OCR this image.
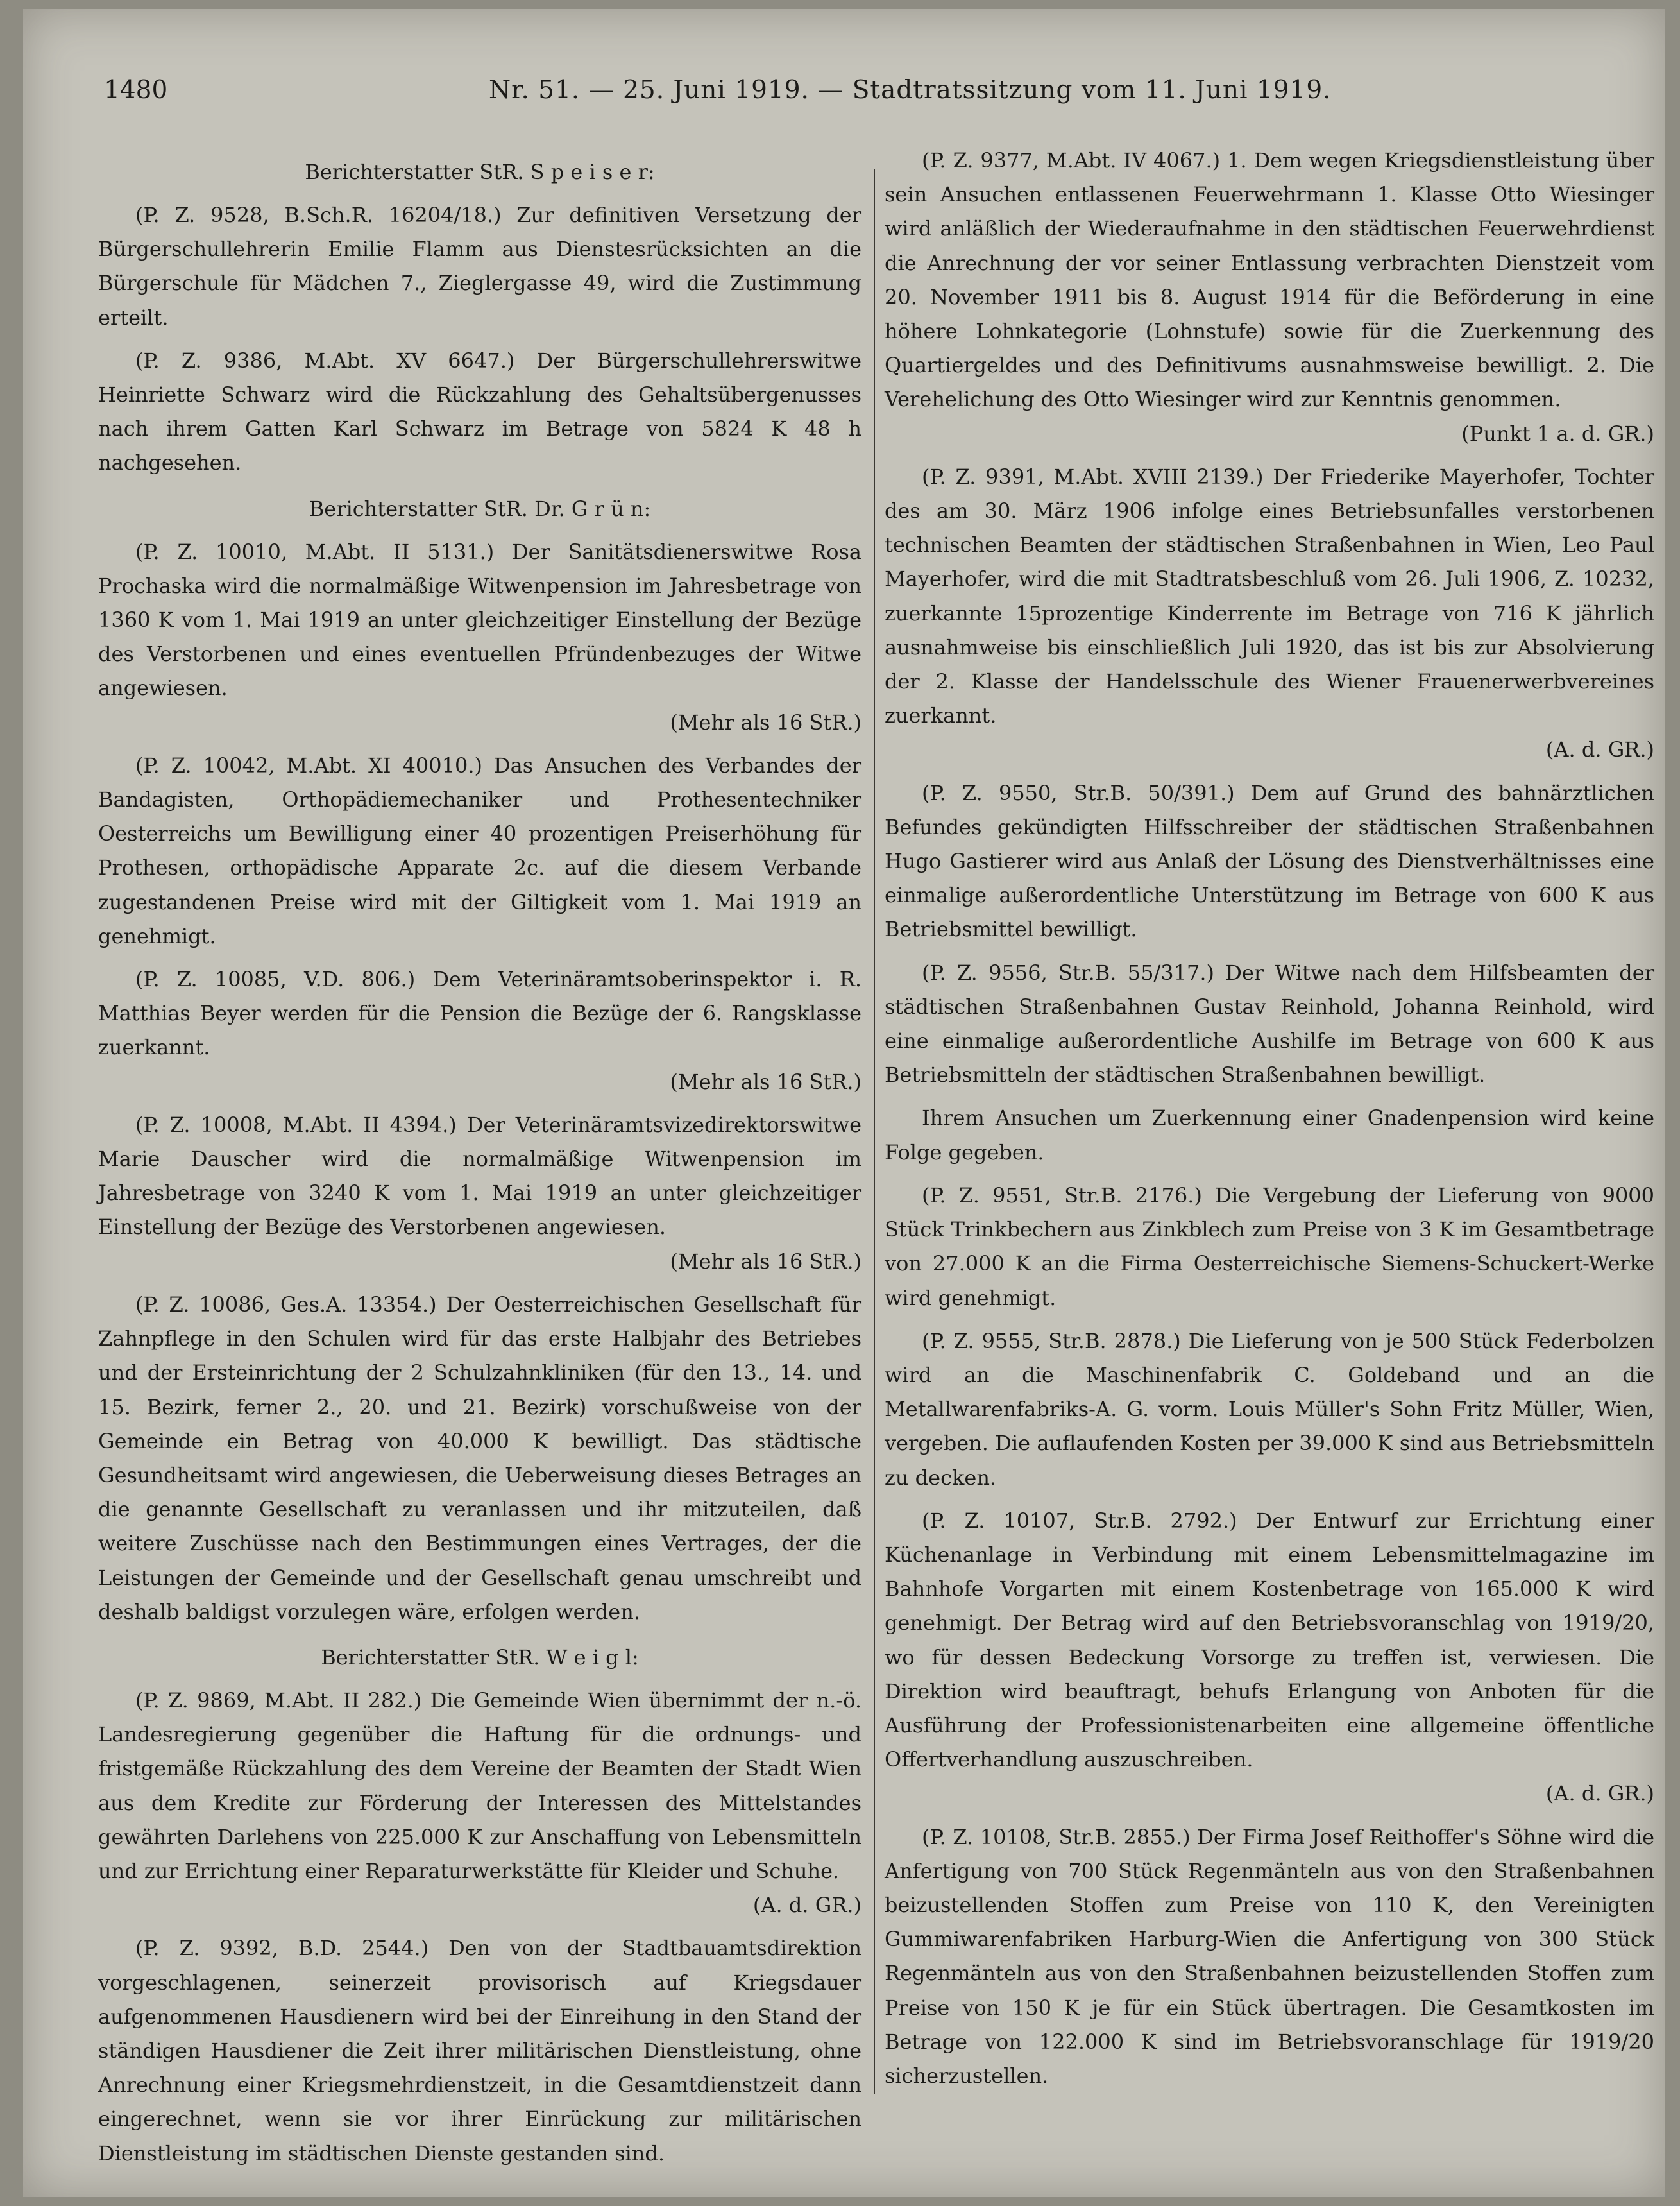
1480	Nr. 51. — 25. Juni 1919. — Stadtratssitzung vom 11. Juni 1919.
Berichterstatter StR. S p e i s e r:

(P. Z. 9528, B.Sch.R. 16204/18.) Zur definitiven Versetzung der Bürgerschullehrerin Emilie Flamm aus Dienstesrücksichten an die Bürgerschule für Mädchen 7., Zieglergasse 49, wird die Zustimmung erteilt.

(P. Z. 9386, M.Abt. XV 6647.) Der Bürgerschullehrerswitwe Heinriette Schwarz wird die Rückzahlung des Gehaltsübergenusses nach ihrem Gatten Karl Schwarz im Betrage von 5824 K 48 h nachgesehen.

Berichterstatter StR. Dr. G r ü n:

(P. Z. 10010, M.Abt. II 5131.) Der Sanitätsdienerswitwe Rosa Prochaska wird die normalmäßige Witwenpension im Jahresbetrage von 1360 K vom 1. Mai 1919 an unter gleichzeitiger Einstellung der Bezüge des Verstorbenen und eines eventuellen Pfründenbezuges der Witwe angewiesen.
(Mehr als 16 StR.)

(P. Z. 10042, M.Abt. XI 40010.) Das Ansuchen des Verbandes der Bandagisten, Orthopädiemechaniker und Prothesentechniker Oesterreichs um Bewilligung einer 40 prozentigen Preiserhöhung für Prothesen, orthopädische Apparate 2c. auf die diesem Verbande zugestandenen Preise wird mit der Giltigkeit vom 1. Mai 1919 an genehmigt.

(P. Z. 10085, V.D. 806.) Dem Veterinäramtsoberinspektor i. R. Matthias Beyer werden für die Pension die Bezüge der 6. Rangsklasse zuerkannt.
(Mehr als 16 StR.)

(P. Z. 10008, M.Abt. II 4394.) Der Veterinäramtsvizedirektorswitwe Marie Dauscher wird die normalmäßige Witwenpension im Jahresbetrage von 3240 K vom 1. Mai 1919 an unter gleichzeitiger Einstellung der Bezüge des Verstorbenen angewiesen.
(Mehr als 16 StR.)

(P. Z. 10086, Ges.A. 13354.) Der Oesterreichischen Gesellschaft für Zahnpflege in den Schulen wird für das erste Halbjahr des Betriebes und der Ersteinrichtung der 2 Schulzahnkliniken (für den 13., 14. und 15. Bezirk, ferner 2., 20. und 21. Bezirk) vorschußweise von der Gemeinde ein Betrag von 40.000 K bewilligt. Das städtische Gesundheitsamt wird angewiesen, die Ueberweisung dieses Betrages an die genannte Gesellschaft zu veranlassen und ihr mitzuteilen, daß weitere Zuschüsse nach den Bestimmungen eines Vertrages, der die Leistungen der Gemeinde und der Gesellschaft genau umschreibt und deshalb baldigst vorzulegen wäre, erfolgen werden.

Berichterstatter StR. W e i g l:

(P. Z. 9869, M.Abt. II 282.) Die Gemeinde Wien übernimmt der n.-ö. Landesregierung gegenüber die Haftung für die ordnungs- und fristgemäße Rückzahlung des dem Vereine der Beamten der Stadt Wien aus dem Kredite zur Förderung der Interessen des Mittelstandes gewährten Darlehens von 225.000 K zur Anschaffung von Lebensmitteln und zur Errichtung einer Reparaturwerkstätte für Kleider und Schuhe.
(A. d. GR.)

(P. Z. 9392, B.D. 2544.) Den von der Stadtbauamtsdirektion vorgeschlagenen, seinerzeit provisorisch auf Kriegsdauer aufgenommenen Hausdienern wird bei der Einreihung in den Stand der ständigen Hausdiener die Zeit ihrer militärischen Dienstleistung, ohne Anrechnung einer Kriegsmehrdienstzeit, in die Gesamtdienstzeit dann eingerechnet, wenn sie vor ihrer Einrückung zur militärischen Dienstleistung im städtischen Dienste gestanden sind.

(P. Z. 9377, M.Abt. IV 4067.) 1. Dem wegen Kriegsdienstleistung über sein Ansuchen entlassenen Feuerwehrmann 1. Klasse Otto Wiesinger wird anläßlich der Wiederaufnahme in den städtischen Feuerwehrdienst die Anrechnung der vor seiner Entlassung verbrachten Dienstzeit vom 20. November 1911 bis 8. August 1914 für die Beförderung in eine höhere Lohnkategorie (Lohnstufe) sowie für die Zuerkennung des Quartiergeldes und des Definitivums ausnahmsweise bewilligt. 2. Die Verehelichung des Otto Wiesinger wird zur Kenntnis genommen.
(Punkt 1 a. d. GR.)

(P. Z. 9391, M.Abt. XVIII 2139.) Der Friederike Mayerhofer, Tochter des am 30. März 1906 infolge eines Betriebsunfalles verstorbenen technischen Beamten der städtischen Straßenbahnen in Wien, Leo Paul Mayerhofer, wird die mit Stadtratsbeschluß vom 26. Juli 1906, Z. 10232, zuerkannte 15prozentige Kinderrente im Betrage von 716 K jährlich ausnahmweise bis einschließlich Juli 1920, das ist bis zur Absolvierung der 2. Klasse der Handelsschule des Wiener Frauenerwerbvereines zuerkannt.
(A. d. GR.)

(P. Z. 9550, Str.B. 50/391.) Dem auf Grund des bahnärztlichen Befundes gekündigten Hilfsschreiber der städtischen Straßenbahnen Hugo Gastierer wird aus Anlaß der Lösung des Dienstverhältnisses eine einmalige außerordentliche Unterstützung im Betrage von 600 K aus Betriebsmittel bewilligt.

(P. Z. 9556, Str.B. 55/317.) Der Witwe nach dem Hilfsbeamten der städtischen Straßenbahnen Gustav Reinhold, Johanna Reinhold, wird eine einmalige außerordentliche Aushilfe im Betrage von 600 K aus Betriebsmitteln der städtischen Straßenbahnen bewilligt.

Ihrem Ansuchen um Zuerkennung einer Gnadenpension wird keine Folge gegeben.

(P. Z. 9551, Str.B. 2176.) Die Vergebung der Lieferung von 9000 Stück Trinkbechern aus Zinkblech zum Preise von 3 K im Gesamtbetrage von 27.000 K an die Firma Oesterreichische Siemens-Schuckert-Werke wird genehmigt.

(P. Z. 9555, Str.B. 2878.) Die Lieferung von je 500 Stück Federbolzen wird an die Maschinenfabrik C. Goldeband und an die Metallwarenfabriks-A. G. vorm. Louis Müller's Sohn Fritz Müller, Wien, vergeben. Die auflaufenden Kosten per 39.000 K sind aus Betriebsmitteln zu decken.

(P. Z. 10107, Str.B. 2792.) Der Entwurf zur Errichtung einer Küchenanlage in Verbindung mit einem Lebensmittelmagazine im Bahnhofe Vorgarten mit einem Kostenbetrage von 165.000 K wird genehmigt. Der Betrag wird auf den Betriebsvoranschlag von 1919/20, wo für dessen Bedeckung Vorsorge zu treffen ist, verwiesen. Die Direktion wird beauftragt, behufs Erlangung von Anboten für die Ausführung der Professionistenarbeiten eine allgemeine öffentliche Offertverhandlung auszuschreiben.
(A. d. GR.)

(P. Z. 10108, Str.B. 2855.) Der Firma Josef Reithoffer's Söhne wird die Anfertigung von 700 Stück Regenmänteln aus von den Straßenbahnen beizustellenden Stoffen zum Preise von 110 K, den Vereinigten Gummiwarenfabriken Harburg-Wien die Anfertigung von 300 Stück Regenmänteln aus von den Straßenbahnen beizustellenden Stoffen zum Preise von 150 K je für ein Stück übertragen. Die Gesamtkosten im Betrage von 122.000 K sind im Betriebsvoranschlage für 1919/20 sicherzustellen.
